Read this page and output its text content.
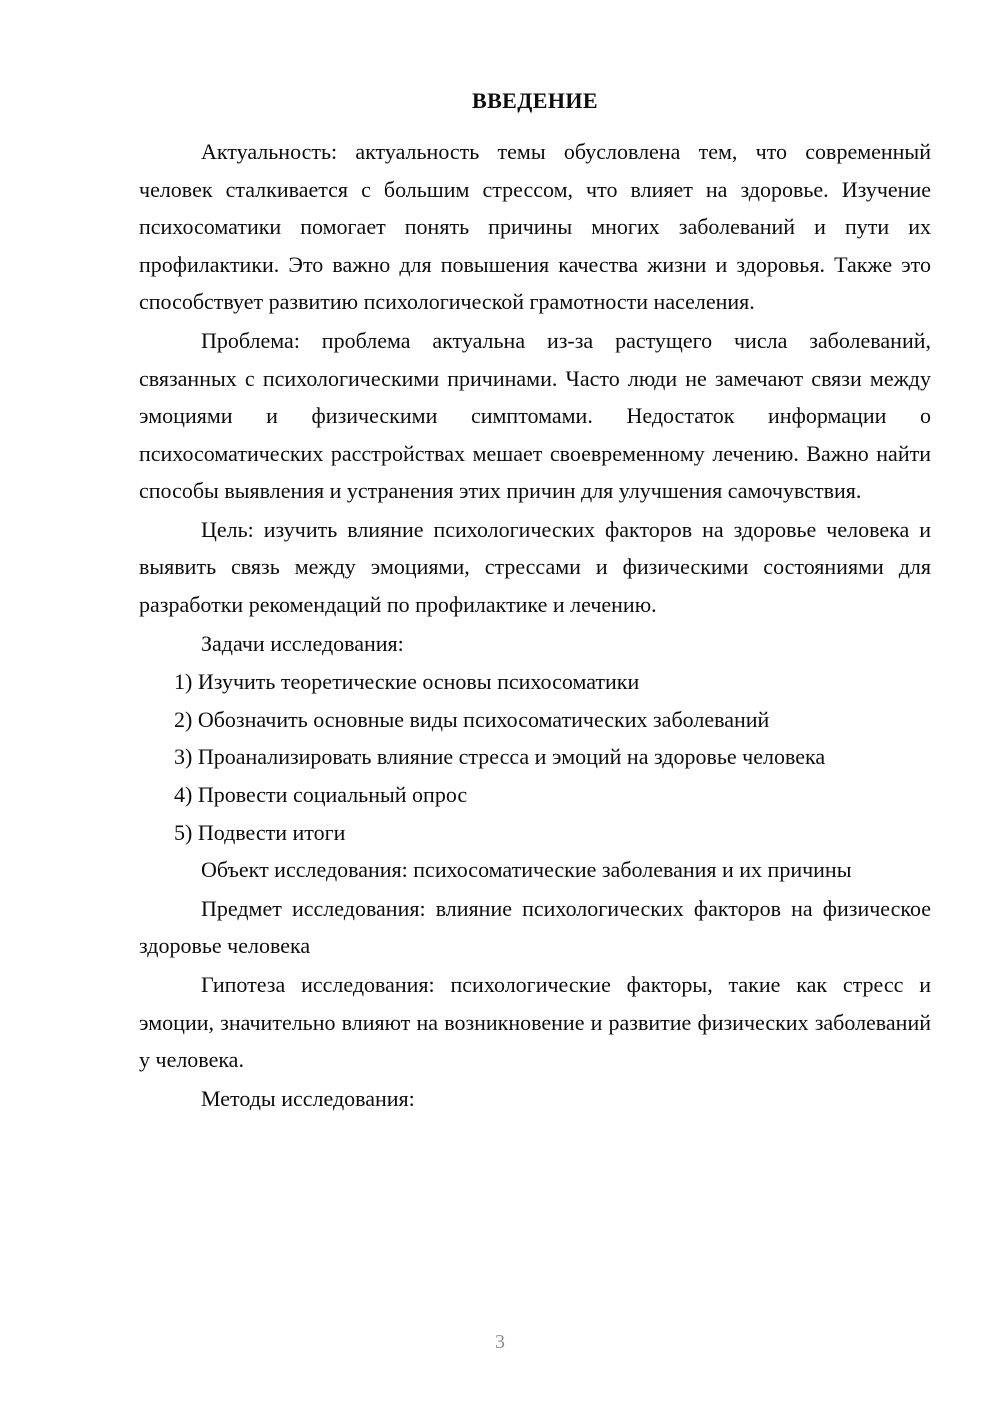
ВВЕДЕНИЕ

Актуальность: актуальность темы обусловлена тем, что современный человек сталкивается с большим стрессом, что влияет на здоровье. Изучение психосоматики помогает понять причины многих заболеваний и пути их профилактики. Это важно для повышения качества жизни и здоровья. Также это способствует развитию психологической грамотности населения.

Проблема: проблема актуальна из-за растущего числа заболеваний, связанных с психологическими причинами. Часто люди не замечают связи между эмоциями и физическими симптомами. Недостаток информации о психосоматических расстройствах мешает своевременному лечению. Важно найти способы выявления и устранения этих причин для улучшения самочувствия.

Цель: изучить влияние психологических факторов на здоровье человека и выявить связь между эмоциями, стрессами и физическими состояниями для разработки рекомендаций по профилактике и лечению.

Задачи исследования:

1) Изучить теоретические основы психосоматики
2) Обозначить основные виды психосоматических заболеваний
3) Проанализировать влияние стресса и эмоций на здоровье человека
4) Провести социальный опрос
5) Подвести итоги

Объект исследования: психосоматические заболевания и их причины

Предмет исследования: влияние психологических факторов на физическое здоровье человека

Гипотеза исследования: психологические факторы, такие как стресс и эмоции, значительно влияют на возникновение и развитие физических заболеваний у человека.

Методы исследования:

3
